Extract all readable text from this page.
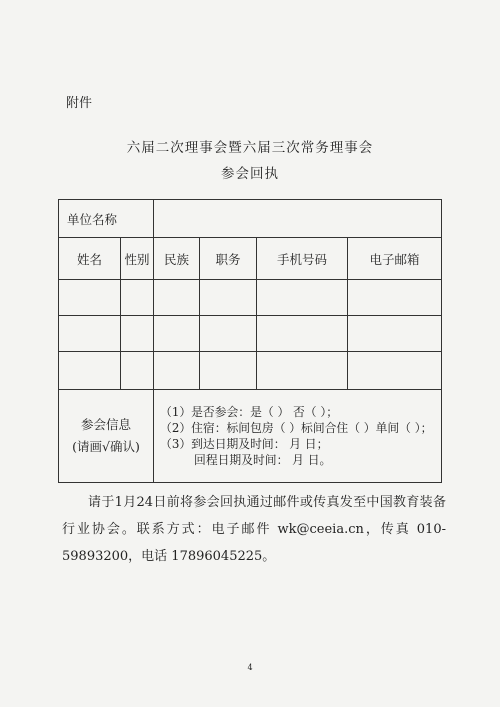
附件
六届二次理事会暨六届三次常务理事会
参会回执
单位名称					
姓名	性别	民族	职务	手机号码	电子邮箱

参会信息
(请画√确认)		（1）是否参会：是（ ） 否（ ）；
（2）住宿：标间包房（ ）标间合住（ ）单间（ ）；
（3）到达日期及时间： 月 日；
回程日期及时间： 月 日。			

请于1月24日前将参会回执通过邮件或传真发至中国教育装备行业协会。联系方式：电子邮件 wk@ceeia.cn，传真 010-59893200，电话 17896045225。

4
